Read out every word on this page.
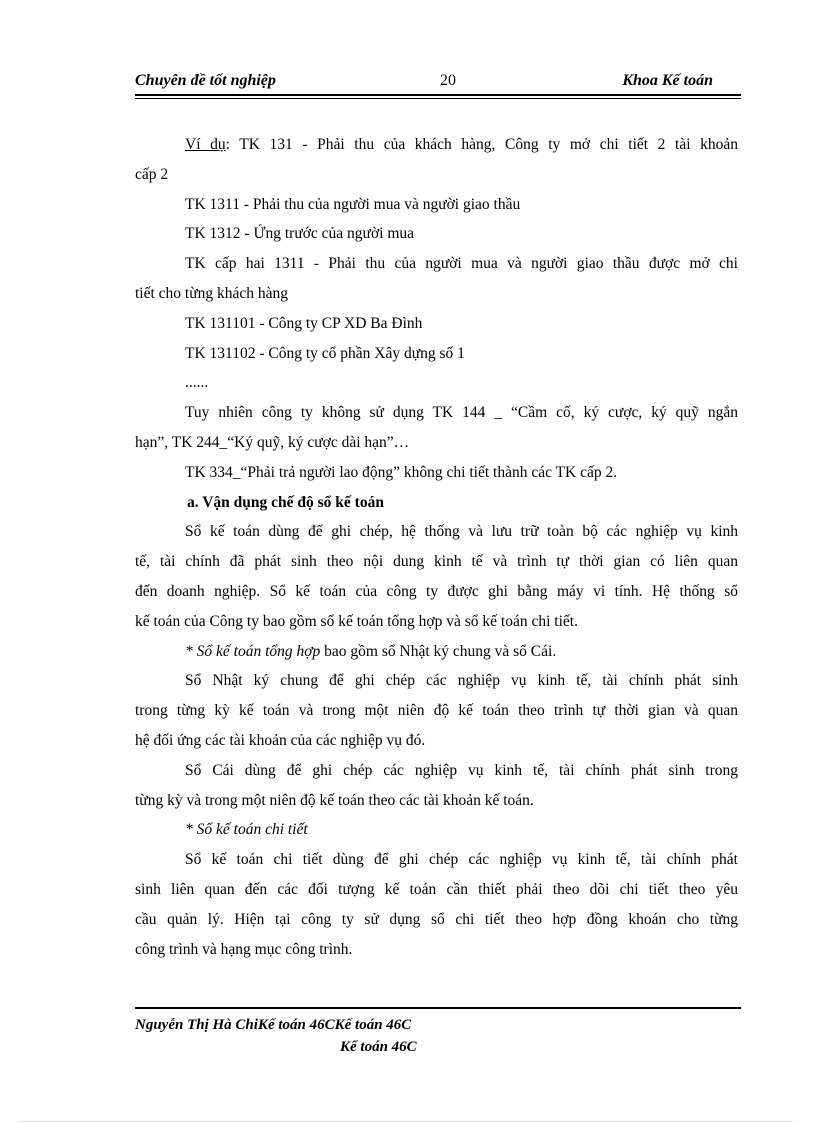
Chuyên đề tốt nghiệp	20	Khoa Kế toán
Ví dụ: TK 131 - Phải thu của khách hàng, Công ty mở chi tiết 2 tài khoản
cấp 2
TK 1311 - Phải thu của người mua và người giao thầu
TK 1312 - Ứng trước của người mua
TK cấp hai 1311 - Phải thu của người mua và người giao thầu được mở chi
tiết cho từng khách hàng
TK 131101 - Công ty CP XD Ba Đình
TK 131102 - Công ty cổ phần Xây dựng số 1
......
Tuy nhiên công ty không sử dụng TK 144 _ “Cầm cố, ký cược, ký quỹ ngắn
hạn”, TK 244_“Ký quỹ, ký cược dài hạn”…
TK 334_“Phải trả người lao động” không chi tiết thành các TK cấp 2.
a. Vận dụng chế độ sổ kế toán
Sổ kế toán dùng để ghi chép, hệ thống và lưu trữ toàn bộ các nghiệp vụ kinh
tế, tài chính đã phát sinh theo nội dung kinh tế và trình tự thời gian có liên quan
đến doanh nghiệp. Sổ kế toán của công ty được ghi bằng máy vi tính. Hệ thống sổ
kế toán của Công ty bao gồm sổ kế toán tổng hợp và sổ kế toán chi tiết.
* Sổ kế toán tổng hợp bao gồm sổ Nhật ký chung và sổ Cái.
Sổ Nhật ký chung để ghi chép các nghiệp vụ kinh tế, tài chính phát sinh
trong từng kỳ kế toán và trong một niên độ kế toán theo trình tự thời gian và quan
hệ đối ứng các tài khoản của các nghiệp vụ đó.
Sổ Cái dùng để ghi chép các nghiệp vụ kinh tế, tài chính phát sinh trong
từng kỳ và trong một niên độ kế toán theo các tài khoản kế toán.
* Sổ kế toán chi tiết
Sổ kế toán chi tiết dùng để ghi chép các nghiệp vụ kinh tế, tài chính phát
sinh liên quan đến các đối tượng kế toán cần thiết phải theo dõi chi tiết theo yêu
cầu quản lý. Hiện tại công ty sử dụng sổ chi tiết theo hợp đồng khoán cho từng
công trình và hạng mục công trình.
Nguyễn Thị Hà ChiKế toán 46CKế toán 46C
Kế toán 46C
